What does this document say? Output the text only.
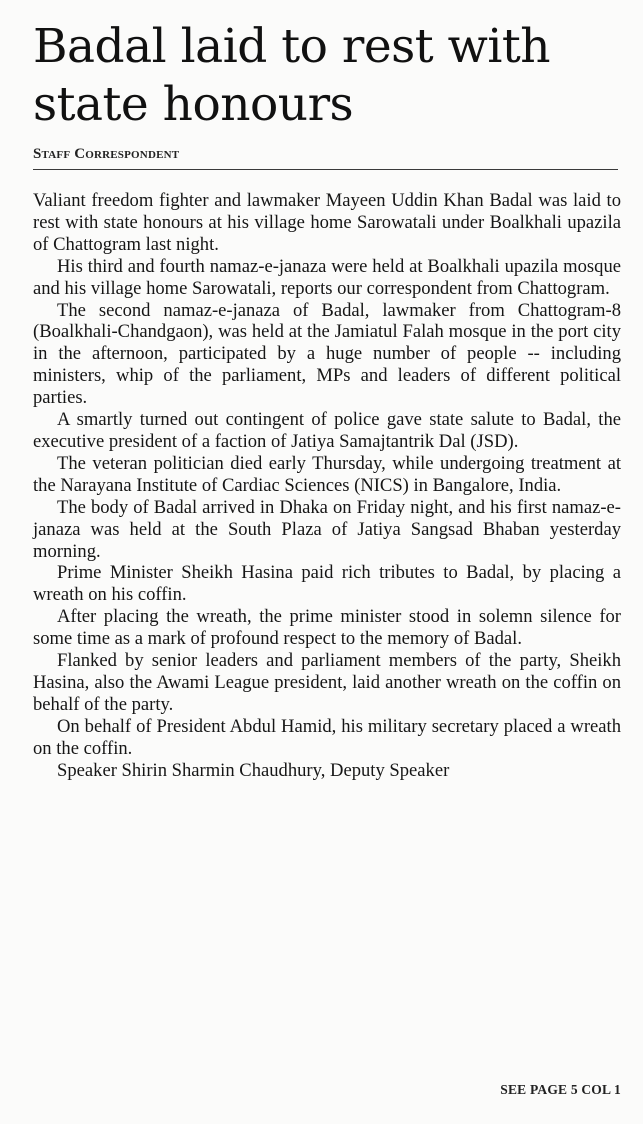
Badal laid to rest with state honours
Staff Correspondent

Valiant freedom fighter and lawmaker Mayeen Uddin Khan Badal was laid to rest with state honours at his village home Sarowatali under Boalkhali upazila of Chattogram last night.

His third and fourth namaz-e-janaza were held at Boalkhali upazila mosque and his village home Sarowatali, reports our correspondent from Chattogram.

The second namaz-e-janaza of Badal, lawmaker from Chattogram-8 (Boalkhali-Chandgaon), was held at the Jamiatul Falah mosque in the port city in the afternoon, participated by a huge number of people -- including ministers, whip of the parliament, MPs and leaders of different political parties.

A smartly turned out contingent of police gave state salute to Badal, the executive president of a faction of Jatiya Samajtantrik Dal (JSD).

The veteran politician died early Thursday, while undergoing treatment at the Narayana Institute of Cardiac Sciences (NICS) in Bangalore, India.

The body of Badal arrived in Dhaka on Friday night, and his first namaz-e-janaza was held at the South Plaza of Jatiya Sangsad Bhaban yesterday morning.

Prime Minister Sheikh Hasina paid rich tributes to Badal, by placing a wreath on his coffin.

After placing the wreath, the prime minister stood in solemn silence for some time as a mark of profound respect to the memory of Badal.

Flanked by senior leaders and parliament members of the party, Sheikh Hasina, also the Awami League president, laid another wreath on the coffin on behalf of the party.

On behalf of President Abdul Hamid, his military secretary placed a wreath on the coffin.

Speaker Shirin Sharmin Chaudhury, Deputy Speaker

SEE PAGE 5 COL 1
